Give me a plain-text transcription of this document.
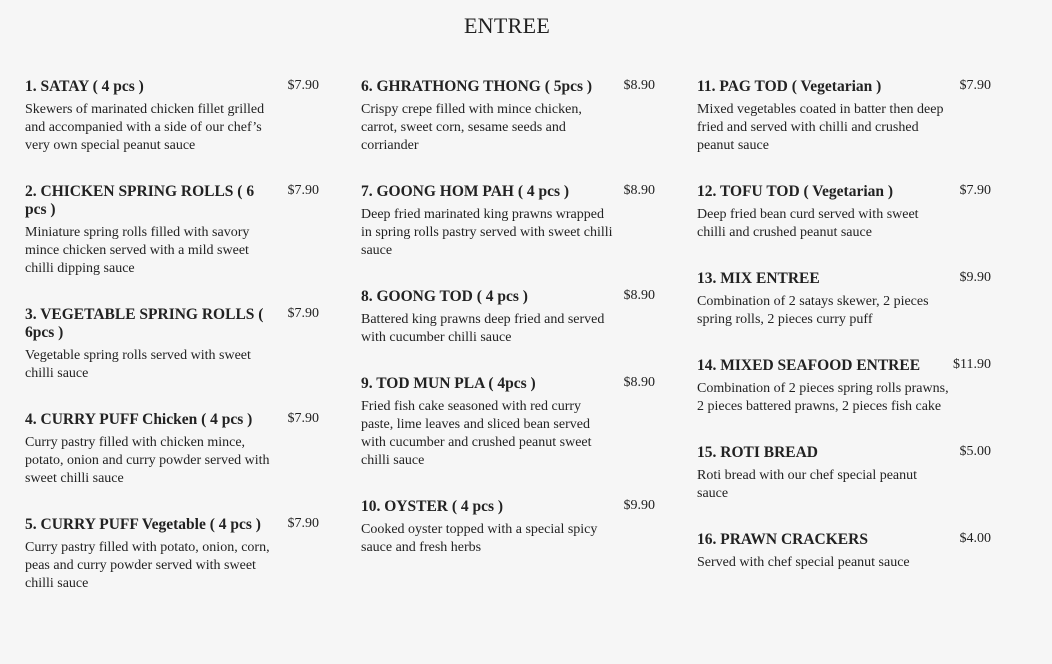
ENTREE
1. SATAY ( 4 pcs )	$7.90
Skewers of marinated chicken fillet grilled and accompanied with a side of our chef’s very own special peanut sauce
2. CHICKEN SPRING ROLLS ( 6 pcs )
$7.90
Miniature spring rolls filled with savory mince chicken served with a mild sweet chilli dipping sauce
3. VEGETABLE SPRING ROLLS ( 6pcs )
$7.90
Vegetable spring rolls served with sweet chilli sauce
4. CURRY PUFF Chicken ( 4 pcs )	$7.90
Curry pastry filled with chicken mince, potato, onion and curry powder served with sweet chilli sauce
5. CURRY PUFF Vegetable ( 4 pcs )	$7.90
Curry pastry filled with potato, onion, corn, peas and curry powder served with sweet chilli sauce
6. GHRATHONG THONG ( 5pcs )	$8.90
Crispy crepe filled with mince chicken, carrot, sweet corn, sesame seeds and corriander
7. GOONG HOM PAH ( 4 pcs )	$8.90
Deep fried marinated king prawns wrapped in spring rolls pastry served with sweet chilli sauce
8. GOONG TOD ( 4 pcs )	$8.90
Battered king prawns deep fried and served with cucumber chilli sauce
9. TOD MUN PLA ( 4pcs )	$8.90
Fried fish cake seasoned with red curry paste, lime leaves and sliced bean served with cucumber and crushed peanut sweet chilli sauce
10. OYSTER ( 4 pcs )	$9.90
Cooked oyster topped with a special spicy sauce and fresh herbs
11. PAG TOD ( Vegetarian )	$7.90
Mixed vegetables coated in batter then deep fried and served with chilli and crushed peanut sauce
12. TOFU TOD ( Vegetarian )	$7.90
Deep fried bean curd served with sweet chilli and crushed peanut sauce
13. MIX ENTREE	$9.90
Combination of 2 satays skewer, 2 pieces spring rolls, 2 pieces curry puff
14. MIXED SEAFOOD ENTREE	$11.90
Combination of 2 pieces spring rolls prawns, 2 pieces battered prawns, 2 pieces fish cake
15. ROTI BREAD	$5.00
Roti bread with our chef special peanut sauce
16. PRAWN CRACKERS	$4.00
Served with chef special peanut sauce
